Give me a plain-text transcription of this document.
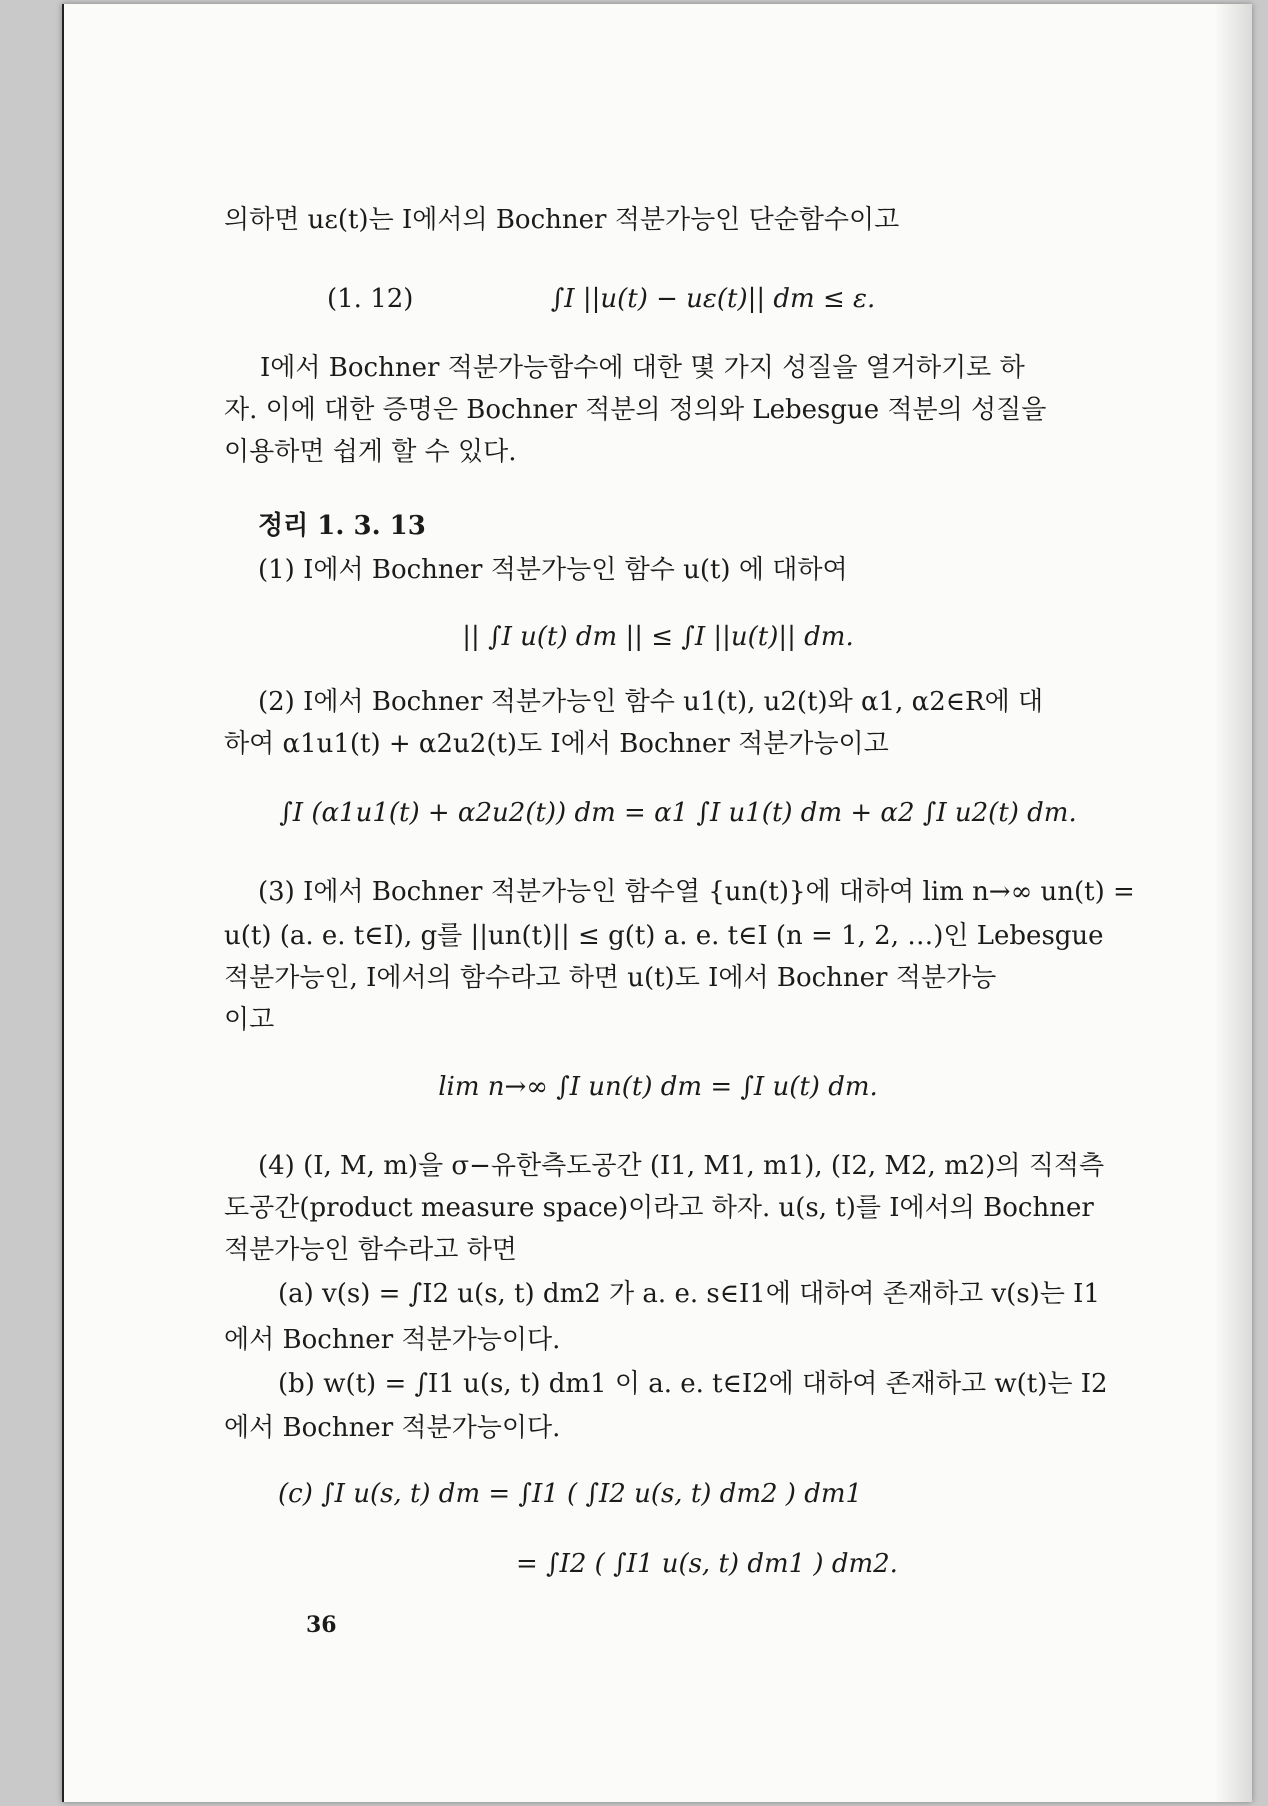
의하면 uε(t)는 I에서의 Bochner 적분가능인 단순함수이고
(1. 12)	∫I ||u(t) − uε(t)|| dm ≤ ε.
I에서 Bochner 적분가능함수에 대한 몇 가지 성질을 열거하기로 하
자. 이에 대한 증명은 Bochner 적분의 정의와 Lebesgue 적분의 성질을
이용하면 쉽게 할 수 있다.
정리 1. 3. 13
(1) I에서 Bochner 적분가능인 함수 u(t) 에 대하여
|| ∫I u(t) dm || ≤ ∫I ||u(t)|| dm.
(2) I에서 Bochner 적분가능인 함수 u1(t), u2(t)와 α1, α2∈R에 대
하여 α1u1(t) + α2u2(t)도 I에서 Bochner 적분가능이고
∫I (α1u1(t) + α2u2(t)) dm = α1 ∫I u1(t) dm + α2 ∫I u2(t) dm.
(3) I에서 Bochner 적분가능인 함수열 {un(t)}에 대하여 lim n→∞ un(t) =
u(t) (a. e. t∈I), g를 ||un(t)|| ≤ g(t) a. e. t∈I (n = 1, 2, …)인 Lebesgue
적분가능인, I에서의 함수라고 하면 u(t)도 I에서 Bochner 적분가능
이고
lim n→∞ ∫I un(t) dm = ∫I u(t) dm.
(4) (I, M, m)을 σ−유한측도공간 (I1, M1, m1), (I2, M2, m2)의 직적측
도공간(product measure space)이라고 하자. u(s, t)를 I에서의 Bochner
적분가능인 함수라고 하면
(a) v(s) = ∫I2 u(s, t) dm2 가 a. e. s∈I1에 대하여 존재하고 v(s)는 I1
에서 Bochner 적분가능이다.
(b) w(t) = ∫I1 u(s, t) dm1 이 a. e. t∈I2에 대하여 존재하고 w(t)는 I2
에서 Bochner 적분가능이다.
(c) ∫I u(s, t) dm = ∫I1 ( ∫I2 u(s, t) dm2 ) dm1
= ∫I2 ( ∫I1 u(s, t) dm1 ) dm2.
36
